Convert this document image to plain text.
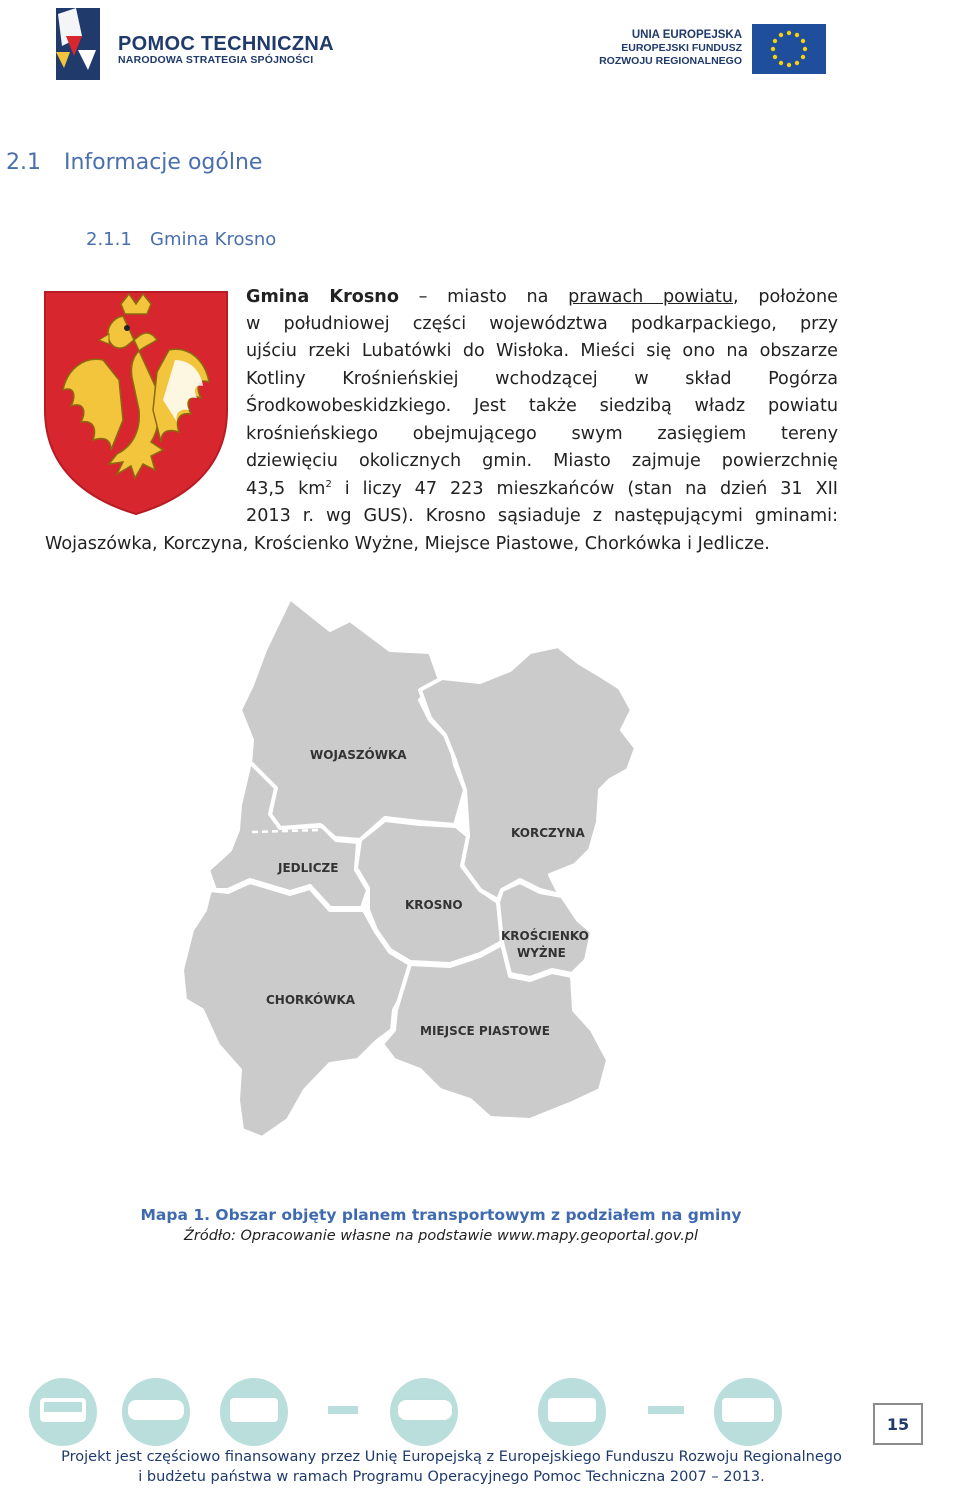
POMOC TECHNICZNA
NARODOWA STRATEGIA SPÓJNOŚCI
UNIA EUROPEJSKA
EUROPEJSKI FUNDUSZ
ROZWOJU REGIONALNEGO
2.1 Informacje ogólne
2.1.1 Gmina Krosno
Gmina Krosno – miasto na prawach powiatu, położone
w południowej części województwa podkarpackiego, przy
ujściu rzeki Lubatówki do Wisłoka. Mieści się ono na obszarze
Kotliny Krośnieńskiej wchodzącej w skład Pogórza
Środkowobeskidzkiego. Jest także siedzibą władz powiatu
krośnieńskiego obejmującego swym zasięgiem tereny
dziewięciu okolicznych gmin. Miasto zajmuje powierzchnię
43,5 $km^2$ i liczy 47 223 mieszkańców (stan na dzień 31 XII
2013 r. wg GUS). Krosno sąsiaduje z następującymi gminami:
Wojaszówka, Korczyna, Krościenko Wyżne, Miejsce Piastowe, Chorkówka i Jedlicze.
WOJASZÓWKA
KORCZYNA
JEDLICZE
KROSNO
KROŚCIENKO
WYŻNE
CHORKÓWKA
MIEJSCE PIASTOWE
Mapa 1. Obszar objęty planem transportowym z podziałem na gminy
Źródło: Opracowanie własne na podstawie www.mapy.geoportal.gov.pl
15
Projekt jest częściowo finansowany przez Unię Europejską z Europejskiego Funduszu Rozwoju Regionalnego
i budżetu państwa w ramach Programu Operacyjnego Pomoc Techniczna 2007 – 2013.
